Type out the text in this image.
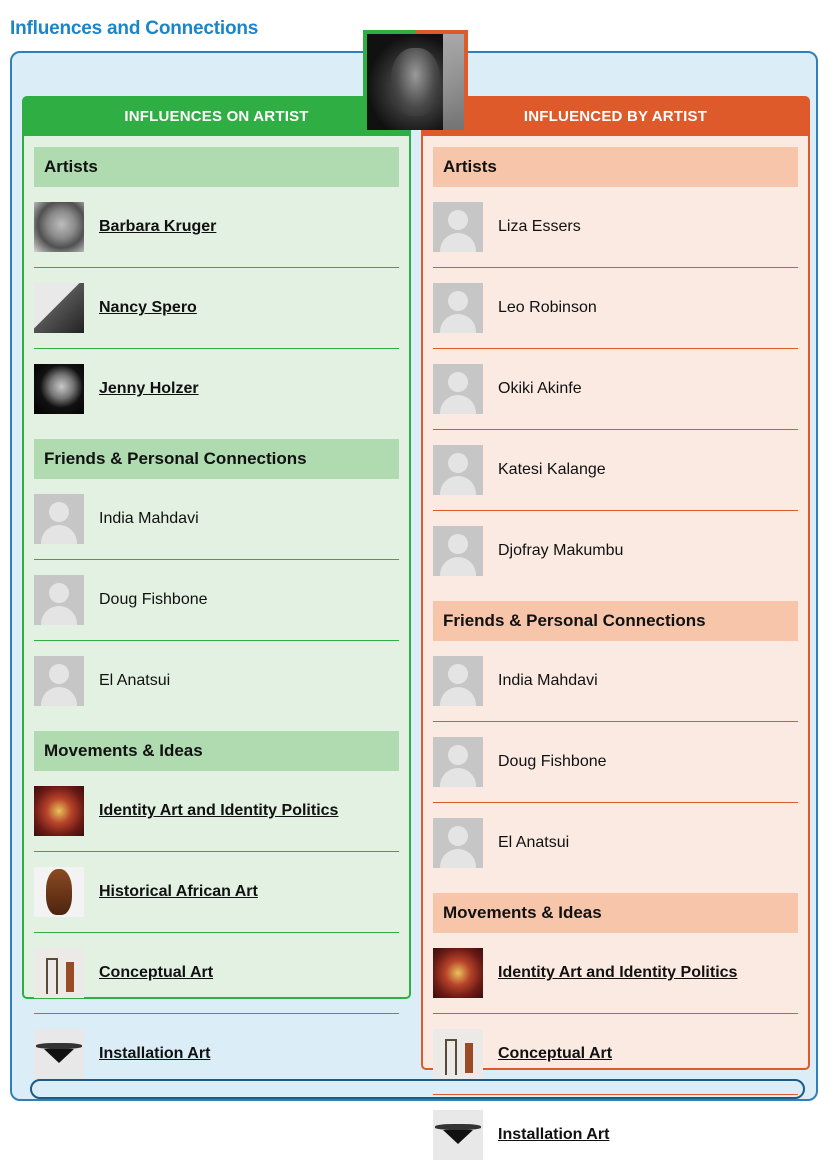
Influences and Connections
INFLUENCES ON ARTIST
Artists
Barbara Kruger
Nancy Spero
Jenny Holzer
Friends & Personal Connections
India Mahdavi
Doug Fishbone
El Anatsui
Movements & Ideas
Identity Art and Identity Politics
Historical African Art
Conceptual Art
Installation Art
INFLUENCED BY ARTIST
Artists
Liza Essers
Leo Robinson
Okiki Akinfe
Katesi Kalange
Djofray Makumbu
Friends & Personal Connections
India Mahdavi
Doug Fishbone
El Anatsui
Movements & Ideas
Identity Art and Identity Politics
Conceptual Art
Installation Art
